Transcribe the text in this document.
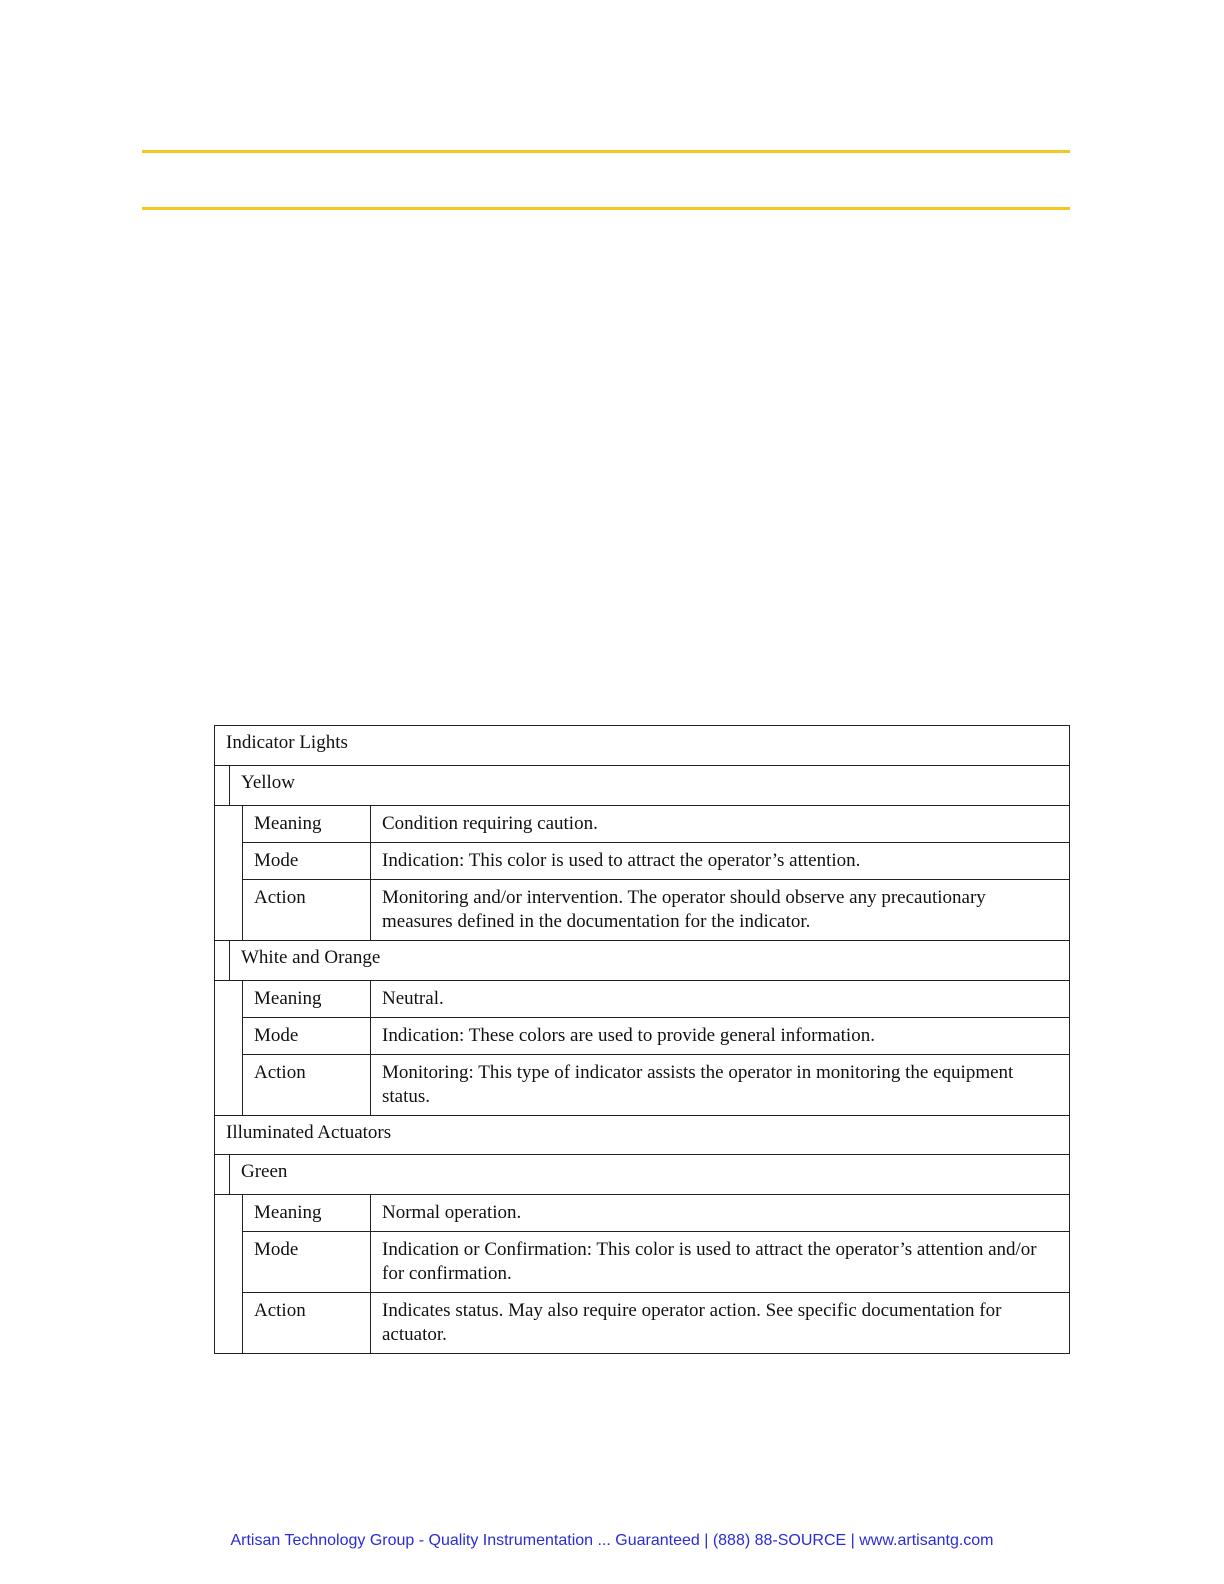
Indicator Lights
Yellow
Meaning	Condition requiring caution.
Mode	Indication: This color is used to attract the operator’s attention.
Action	Monitoring and/or intervention. The operator should observe any precautionary measures defined in the documentation for the indicator.
White and Orange
Meaning	Neutral.
Mode	Indication: These colors are used to provide general information.
Action	Monitoring: This type of indicator assists the operator in monitoring the equipment status.
Illuminated Actuators
Green
Meaning	Normal operation.
Mode	Indication or Confirmation: This color is used to attract the operator’s attention and/or for confirmation.
Action	Indicates status. May also require operator action. See specific documentation for actuator.
Artisan Technology Group - Quality Instrumentation ... Guaranteed | (888) 88-SOURCE | www.artisantg.com
